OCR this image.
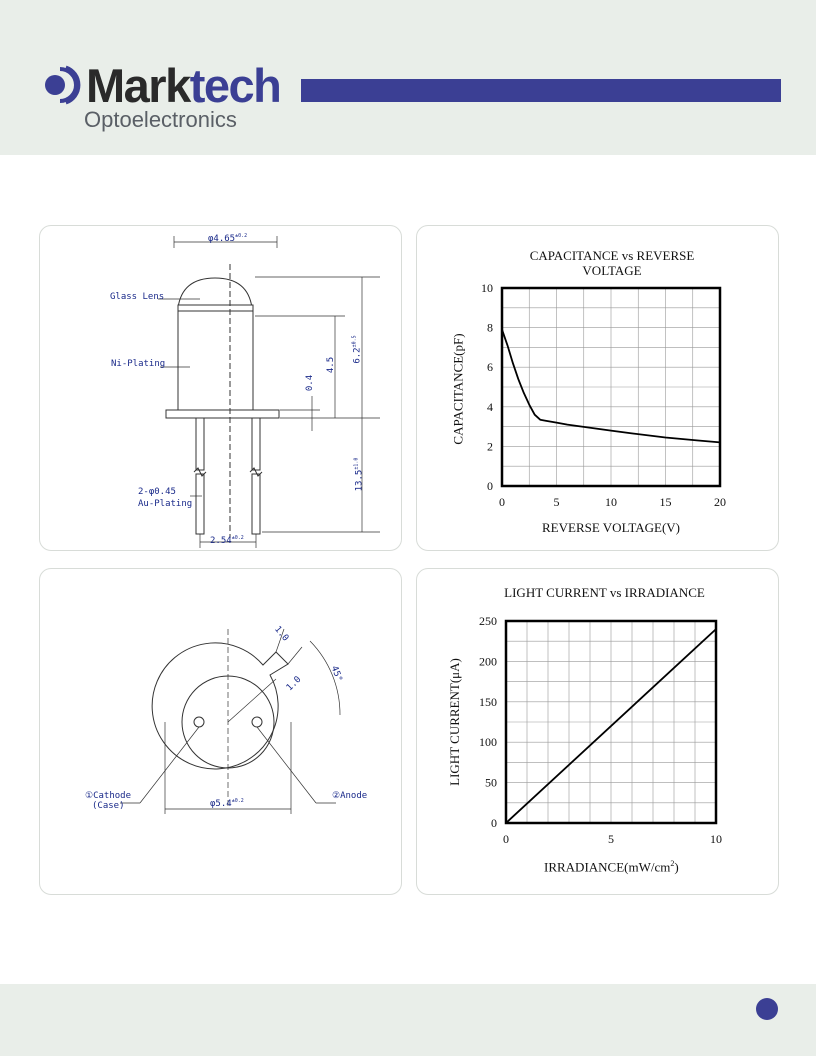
Marktech
Optoelectronics
$\varphi 4.65^{\pm 0.2}$
Glass Lens
Ni-Plating
0.4
4.5
$6.2^{\pm 0.5}$
$13.5^{\pm 1.0}$
2-φ0.45
Au-Plating
$2.54^{\pm 0.2}$
CAPACITANCE vs REVERSE
VOLTAGE
0	5	10	15	20
0
2
4
6
8
10
REVERSE VOLTAGE(V)
CAPACITANCE(pF)
1.0
1.0
45°
①Cathode
(Case)
②Anode
$\varphi 5.4^{\pm 0.2}$
LIGHT CURRENT vs IRRADIANCE
0	5	10
0
50
100
150
200
250
$IRRADIANCE(mW/cm^2)$
LIGHT CURRENT(μA)
